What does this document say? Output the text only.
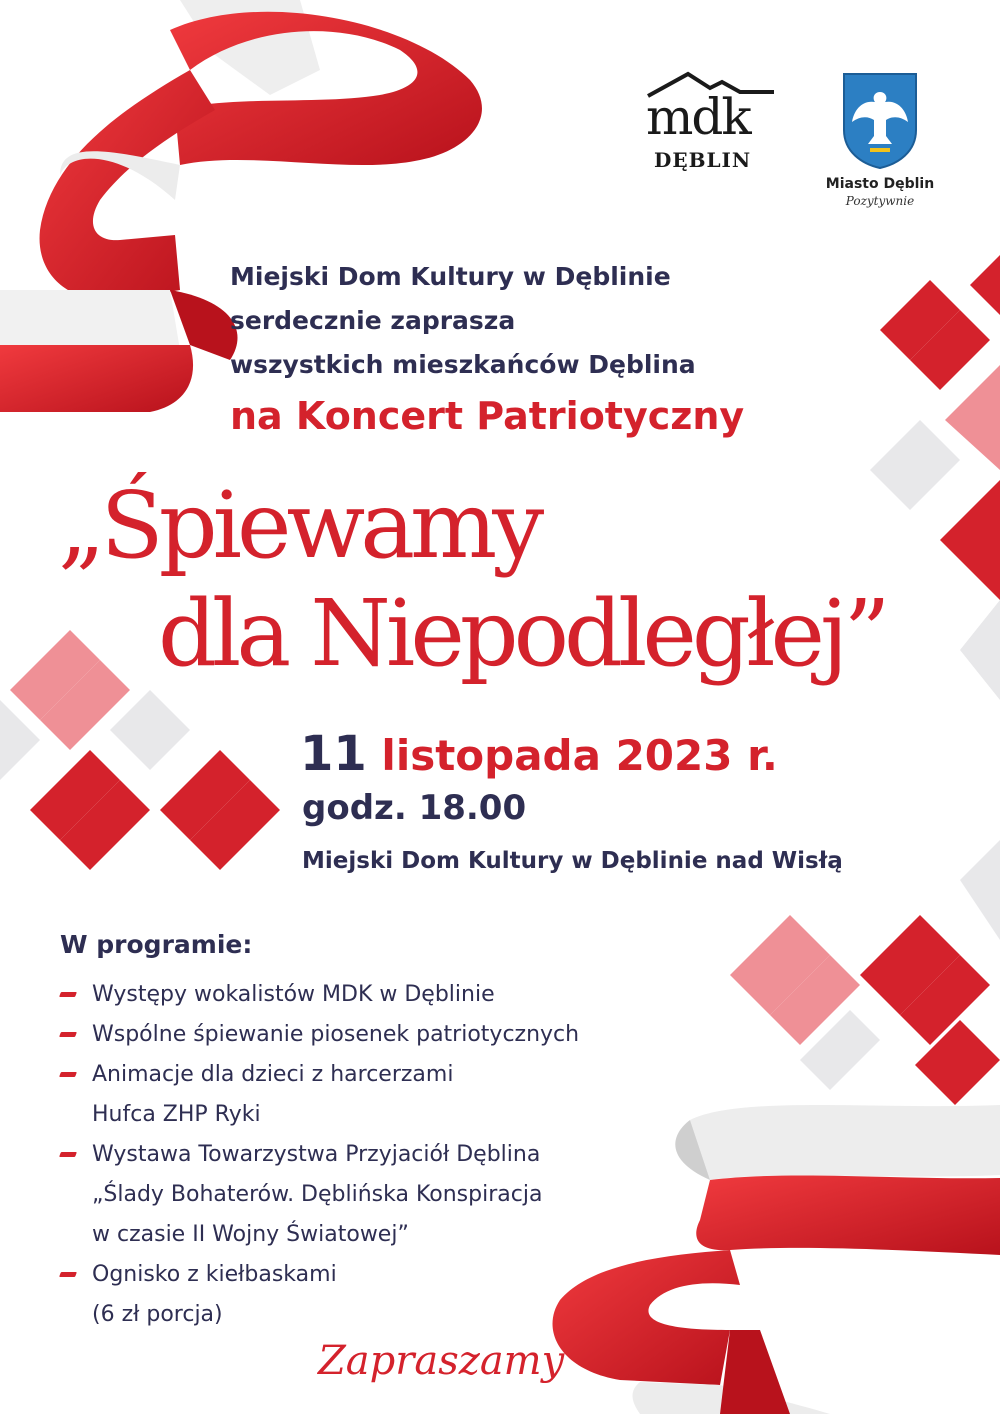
mdk
DĘBLIN
Miasto Dęblin
Pozytywnie
Miejski Dom Kultury w Dęblinie
serdecznie zaprasza
wszystkich mieszkańców Dęblina
na Koncert Patriotyczny
„Śpiewamy
dla Niepodległej”
11 listopada 2023 r.
godz. 18.00
Miejski Dom Kultury w Dęblinie nad Wisłą
W programie:
Występy wokalistów MDK w Dęblinie
Wspólne śpiewanie piosenek patriotycznych
Animacje dla dzieci z harcerzami
Hufca ZHP Ryki
Wystawa Towarzystwa Przyjaciół Dęblina
„Ślady Bohaterów. Dęblińska Konspiracja
w czasie II Wojny Światowej”
Ognisko z kiełbaskami
(6 zł porcja)
Zapraszamy
